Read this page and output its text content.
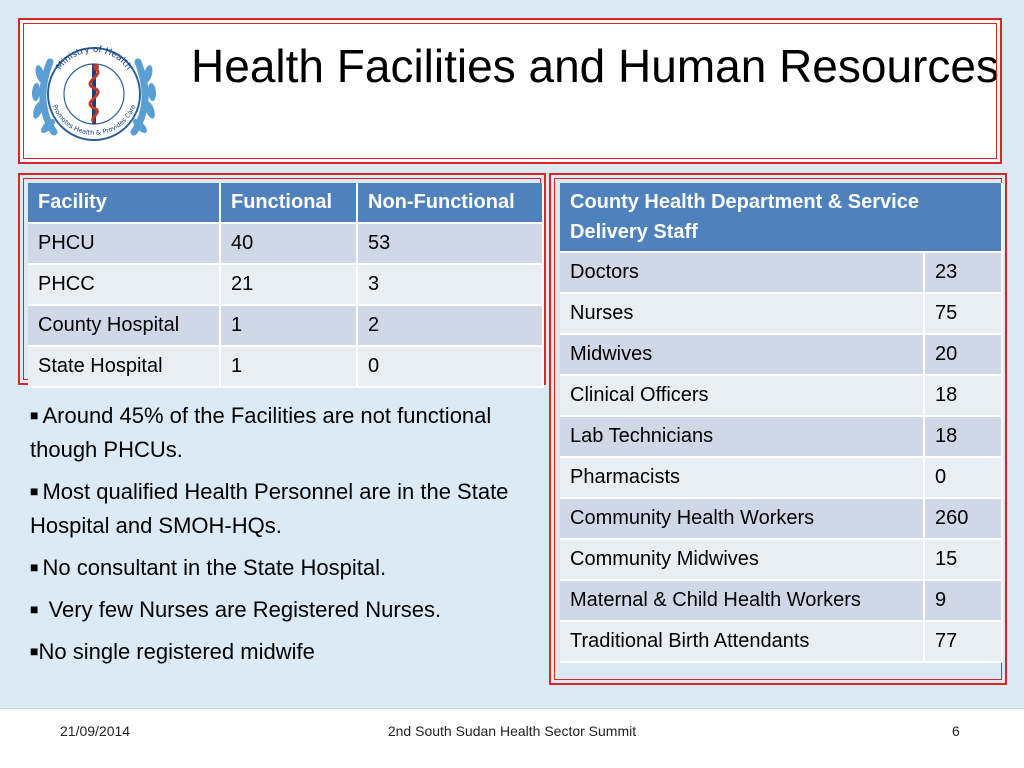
Ministry of Health
Promotes Health & Provides Care
Health Facilities and Human Resources
Facility	Functional	Non-Functional
PHCU	40	53
PHCC	21	3
County Hospital	1	2
State Hospital	1	0
County Health Department & Service Delivery Staff	
Doctors	23
Nurses	75
Midwives	20
Clinical Officers	18
Lab Technicians	18
Pharmacists	0
Community Health Workers	260
Community Midwives	15
Maternal & Child Health Workers	9
Traditional Birth Attendants	77

■ Around 45% of the Facilities are not functional though PHCUs.

■ Most qualified Health Personnel are in the State Hospital and SMOH-HQs.

■ No consultant in the State Hospital.

■ Very few Nurses are Registered Nurses.

■No single registered midwife

21/09/2014	2nd South Sudan Health Sector Summit	6
